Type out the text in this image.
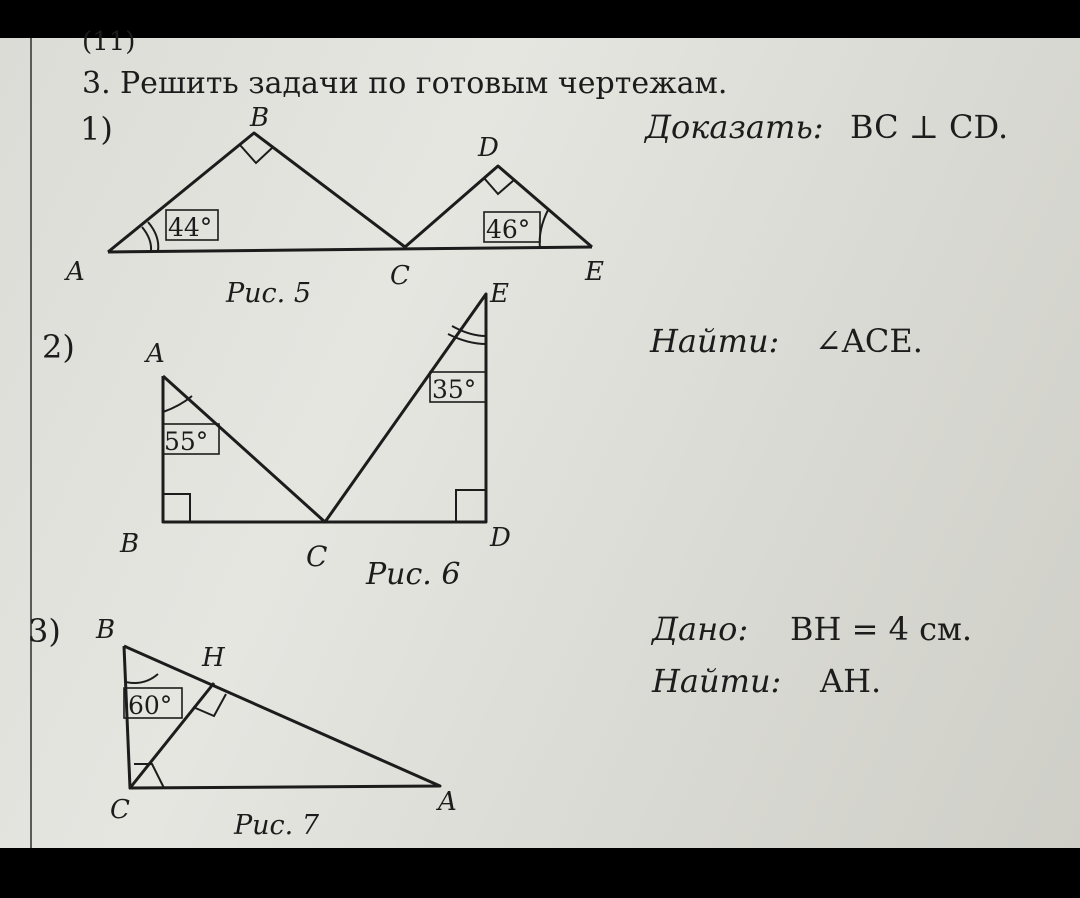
(11)
3. Решить задачи по готовым чертежам.
1)	Доказать: BC ⊥ CD.
44°	46°
A
B
C
D
E
Рис. 5
2)	Найти: ∠ACE.
55°
35°
A
B	C
D
E
Рис. 6
3)	Дано: BH = 4 см.
Найти: AH.
60°
B
H
C	A
Рис. 7
